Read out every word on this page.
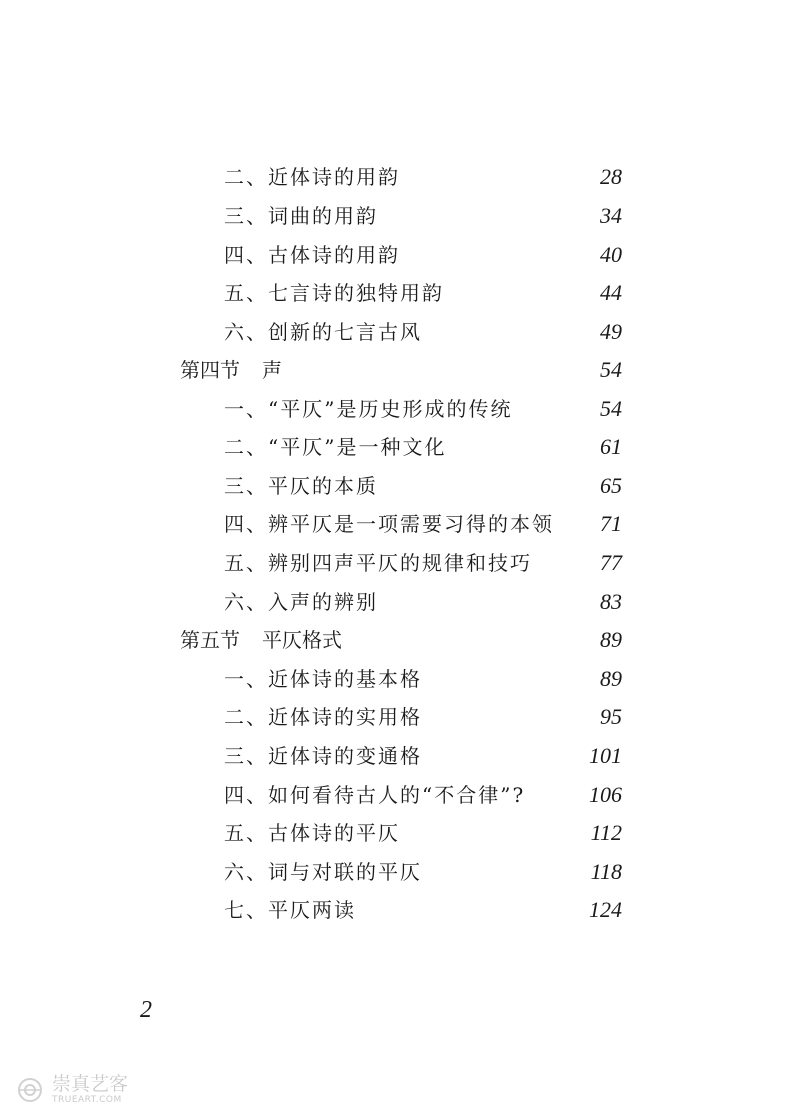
二、近体诗的用韵	28
三、词曲的用韵	34
四、古体诗的用韵	40
五、七言诗的独特用韵	44
六、创新的七言古风	49
第四节 声	54
一、“平仄”是历史形成的传统	54
二、“平仄”是一种文化	61
三、平仄的本质	65
四、辨平仄是一项需要习得的本领 71
五、辨别四声平仄的规律和技巧	77
六、入声的辨别	83
第五节 平仄格式	89
一、近体诗的基本格	89
二、近体诗的实用格	95
三、近体诗的变通格	101
四、如何看待古人的“不合律”?	106
五、古体诗的平仄	112
六、词与对联的平仄	118
七、平仄两读	124
2
崇真艺客
TRUEART.COM
